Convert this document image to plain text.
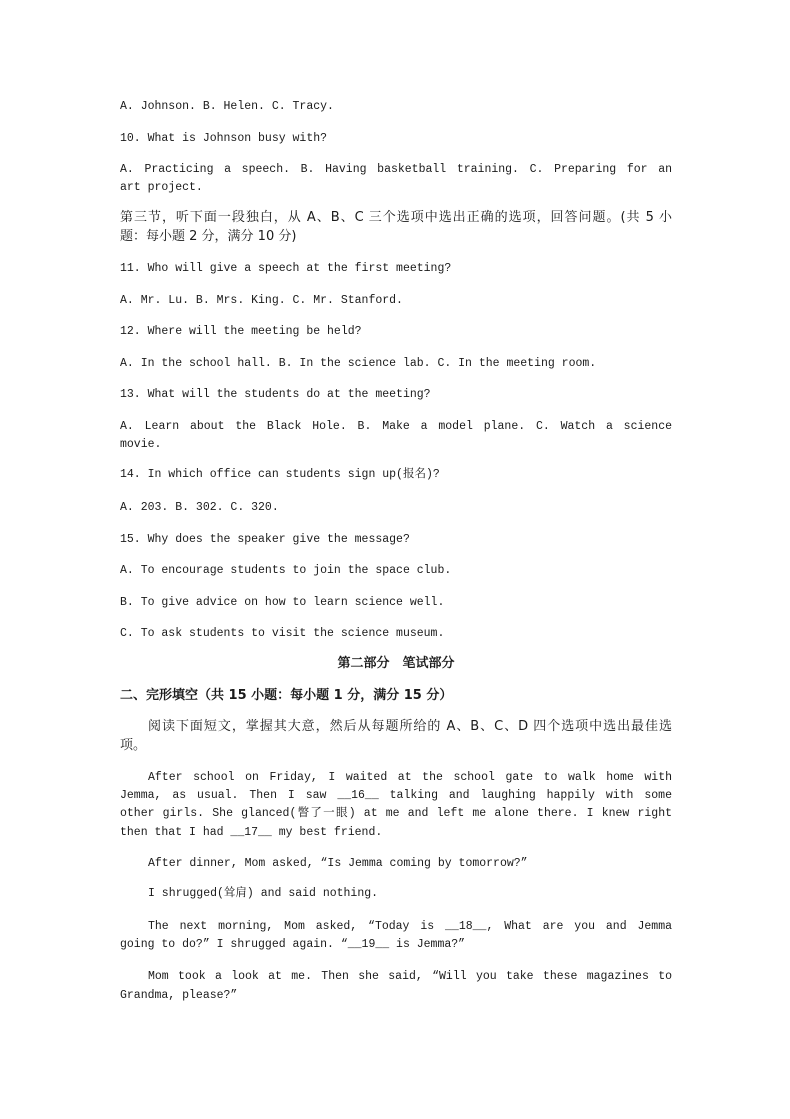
A. Johnson. B. Helen. C. Tracy.
10. What is Johnson busy with?
A. Practicing a speech. B. Having basketball training. C. Preparing for an
art project.
第三节，听下面一段独白，从 A、B、C 三个选项中选出正确的选项，回答问题。(共 5 小
题：每小题 2 分，满分 10 分)
11. Who will give a speech at the first meeting?
A. Mr. Lu. B. Mrs. King. C. Mr. Stanford.
12. Where will the meeting be held?
A. In the school hall. B. In the science lab. C. In the meeting room.
13. What will the students do at the meeting?
A. Learn about the Black Hole. B. Make a model plane. C. Watch a science
movie.
14. In which office can students sign up(报名)?
A. 203. B. 302. C. 320.
15. Why does the speaker give the message?
A. To encourage students to join the space club.
B. To give advice on how to learn science well.
C. To ask students to visit the science museum.
第二部分　笔试部分
二、完形填空（共 15 小题：每小题 1 分，满分 15 分）
阅读下面短文，掌握其大意，然后从每题所给的 A、B、C、D 四个选项中选出最佳选
项。
After school on Friday, I waited at the school gate to walk home with
Jemma, as usual. Then I saw __16__ talking and laughing happily with some
other girls. She glanced(瞥了一眼) at me and left me alone there. I knew right
then that I had __17__ my best friend.
After dinner, Mom asked, “Is Jemma coming by tomorrow?”
I shrugged(耸肩) and said nothing.
The next morning, Mom asked, “Today is __18__, What are you and Jemma
going to do?” I shrugged again. “__19__ is Jemma?”
Mom took a look at me. Then she said, “Will you take these magazines to
Grandma, please?”
